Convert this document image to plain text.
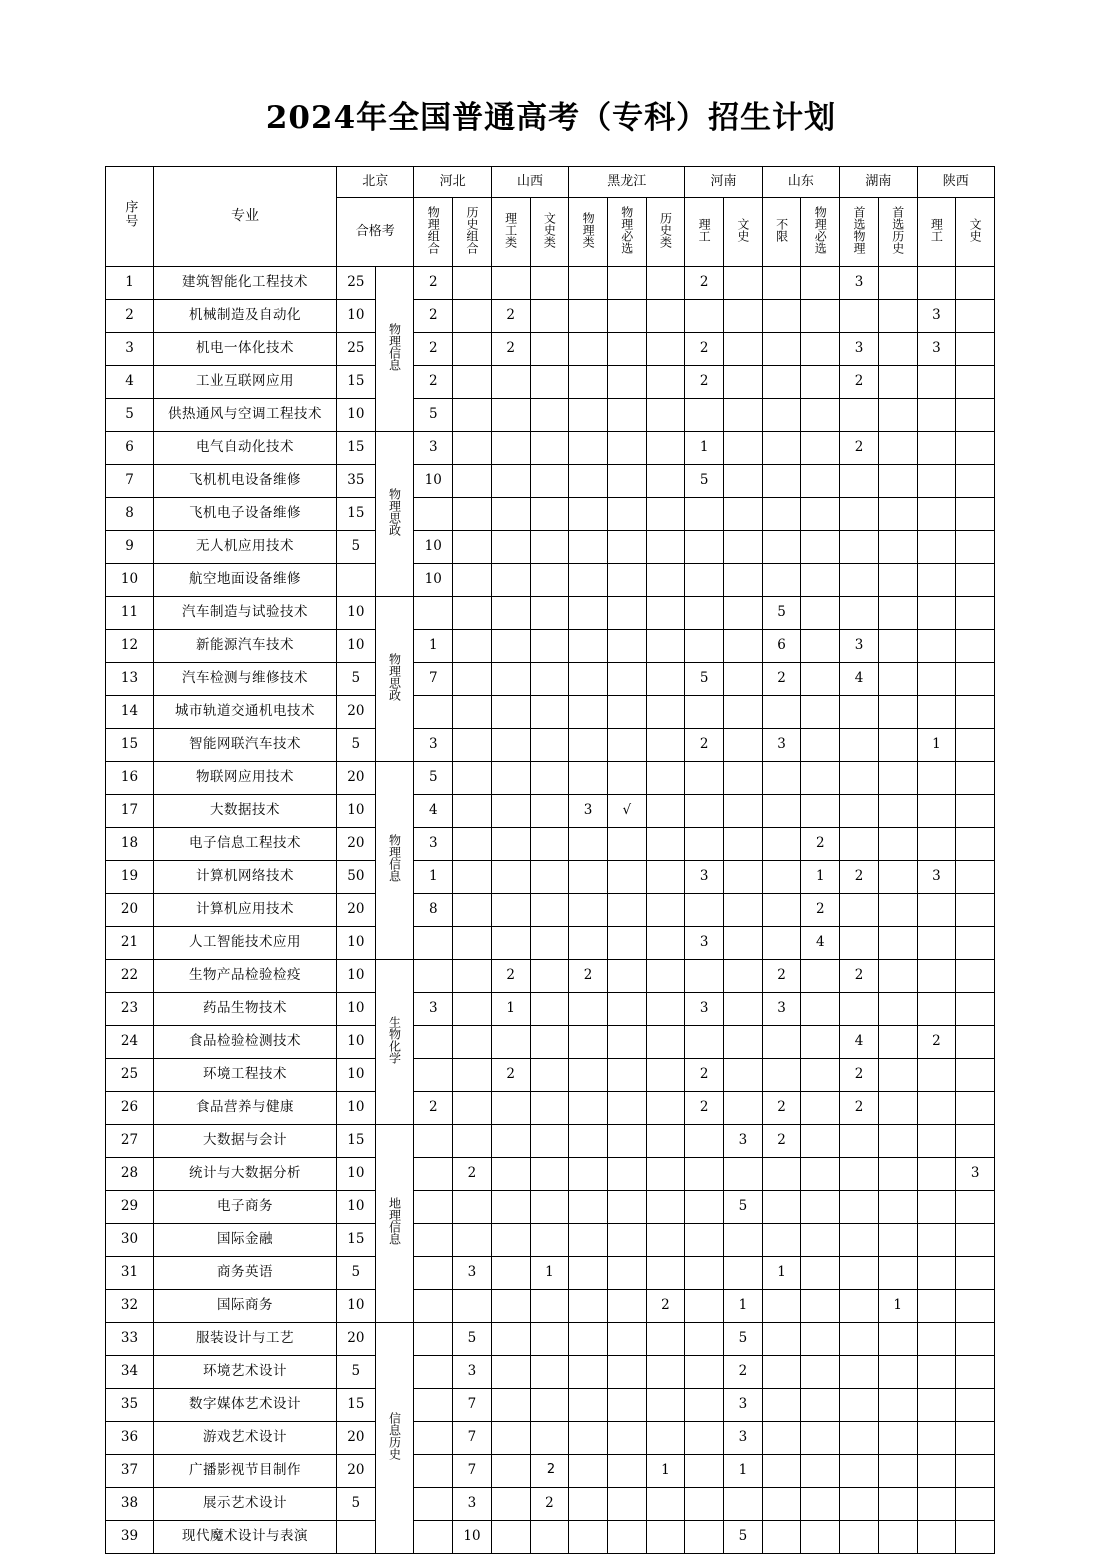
2024年全国普通高考（专科）招生计划
序号	专业	北京		河北		山西		黑龙江			河南		山东		湖南		陕西	
		合格考		物理组合	历史组合	理工类	文史类	物理类	物理必选	历史类	理工	文史	不限	物理必选	首选物理	首选历史	理工	文史
1	建筑智能化工程技术	25	物理信息	2							2				3			
2	机械制造及自动化	10		2		2											3	
3	机电一体化技术	25		2		2					2				3		3	
4	工业互联网应用	15		2							2				2			
5	供热通风与空调工程技术	10		5														
6	电气自动化技术	15	物理思政	3							1				2			
7	飞机机电设备维修	35		10							5							
8	飞机电子设备维修	15																
9	无人机应用技术	5		10														
10	航空地面设备维修			10														
11	汽车制造与试验技术	10	物理思政										5					
12	新能源汽车技术	10		1									6		3			
13	汽车检测与维修技术	5		7							5		2		4			
14	城市轨道交通机电技术	20																
15	智能网联汽车技术	5		3							2		3				1	
16	物联网应用技术	20	物理信息	5														
17	大数据技术	10		4				3	√									
18	电子信息工程技术	20		3										2				
19	计算机网络技术	50		1							3			1	2		3	
20	计算机应用技术	20		8										2				
21	人工智能技术应用	10									3			4				
22	生物产品检验检疫	10	生物化学			2		2					2		2			
23	药品生物技术	10		3		1					3		3					
24	食品检验检测技术	10													4		2	
25	环境工程技术	10				2					2				2			
26	食品营养与健康	10		2							2		2		2			
27	大数据与会计	15	地理信息									3	2					
28	统计与大数据分析	10			2													3
29	电子商务	10										5						
30	国际金融	15																
31	商务英语	5			3		1						1					
32	国际商务	10								2		1				1		
33	服装设计与工艺	20	信息历史		5							5						
34	环境艺术设计	5			3							2						
35	数字媒体艺术设计	15			7							3						
36	游戏艺术设计	20			7							3						
37	广播影视节目制作	20			7					1		1						
38	展示艺术设计	5			3		2											
39	现代魔术设计与表演				10							5						
2
